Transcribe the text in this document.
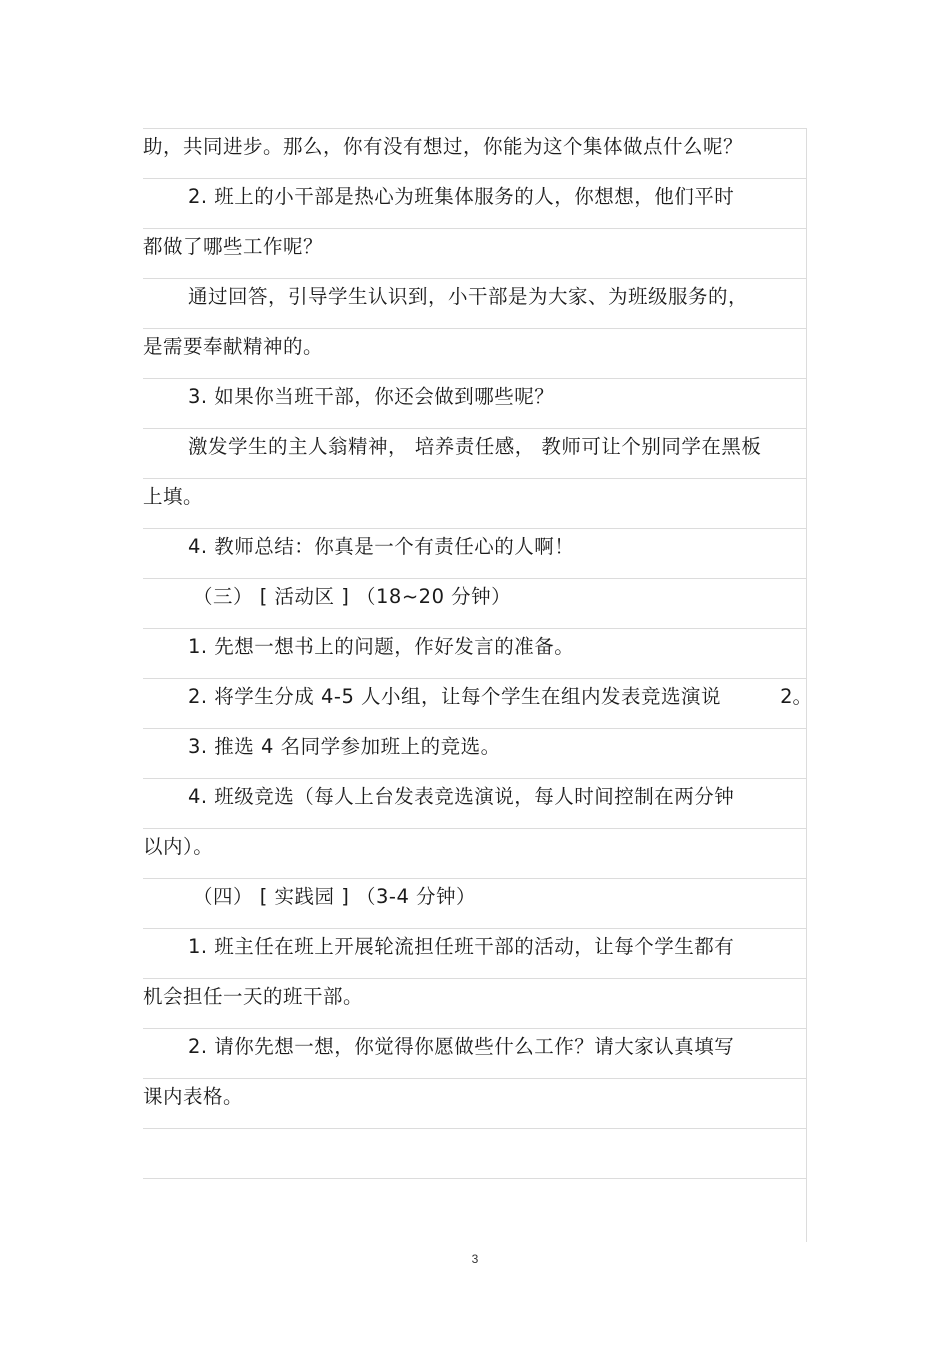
助，共同进步。那么，你有没有想过，你能为这个集体做点什么呢？
2. 班上的小干部是热心为班集体服务的人，你想想，他们平时
都做了哪些工作呢？
通过回答，引导学生认识到，小干部是为大家、为班级服务的，
是需要奉献精神的。
3. 如果你当班干部，你还会做到哪些呢？
激发学生的主人翁精神， 培养责任感， 教师可让个别同学在黑板
上填。
4. 教师总结：你真是一个有责任心的人啊！
（三） [ 活动区 ] （18~20 分钟）
1. 先想一想书上的问题，作好发言的准备。
2. 将学生分成 4-5 人小组，让每个学生在组内发表竞选演说	2。
3. 推选 4 名同学参加班上的竞选。
4. 班级竞选（每人上台发表竞选演说，每人时间控制在两分钟
以内）。
（四） [ 实践园 ] （3-4 分钟）
1. 班主任在班上开展轮流担任班干部的活动，让每个学生都有
机会担任一天的班干部。
2. 请你先想一想，你觉得你愿做些什么工作？请大家认真填写
课内表格。
3
